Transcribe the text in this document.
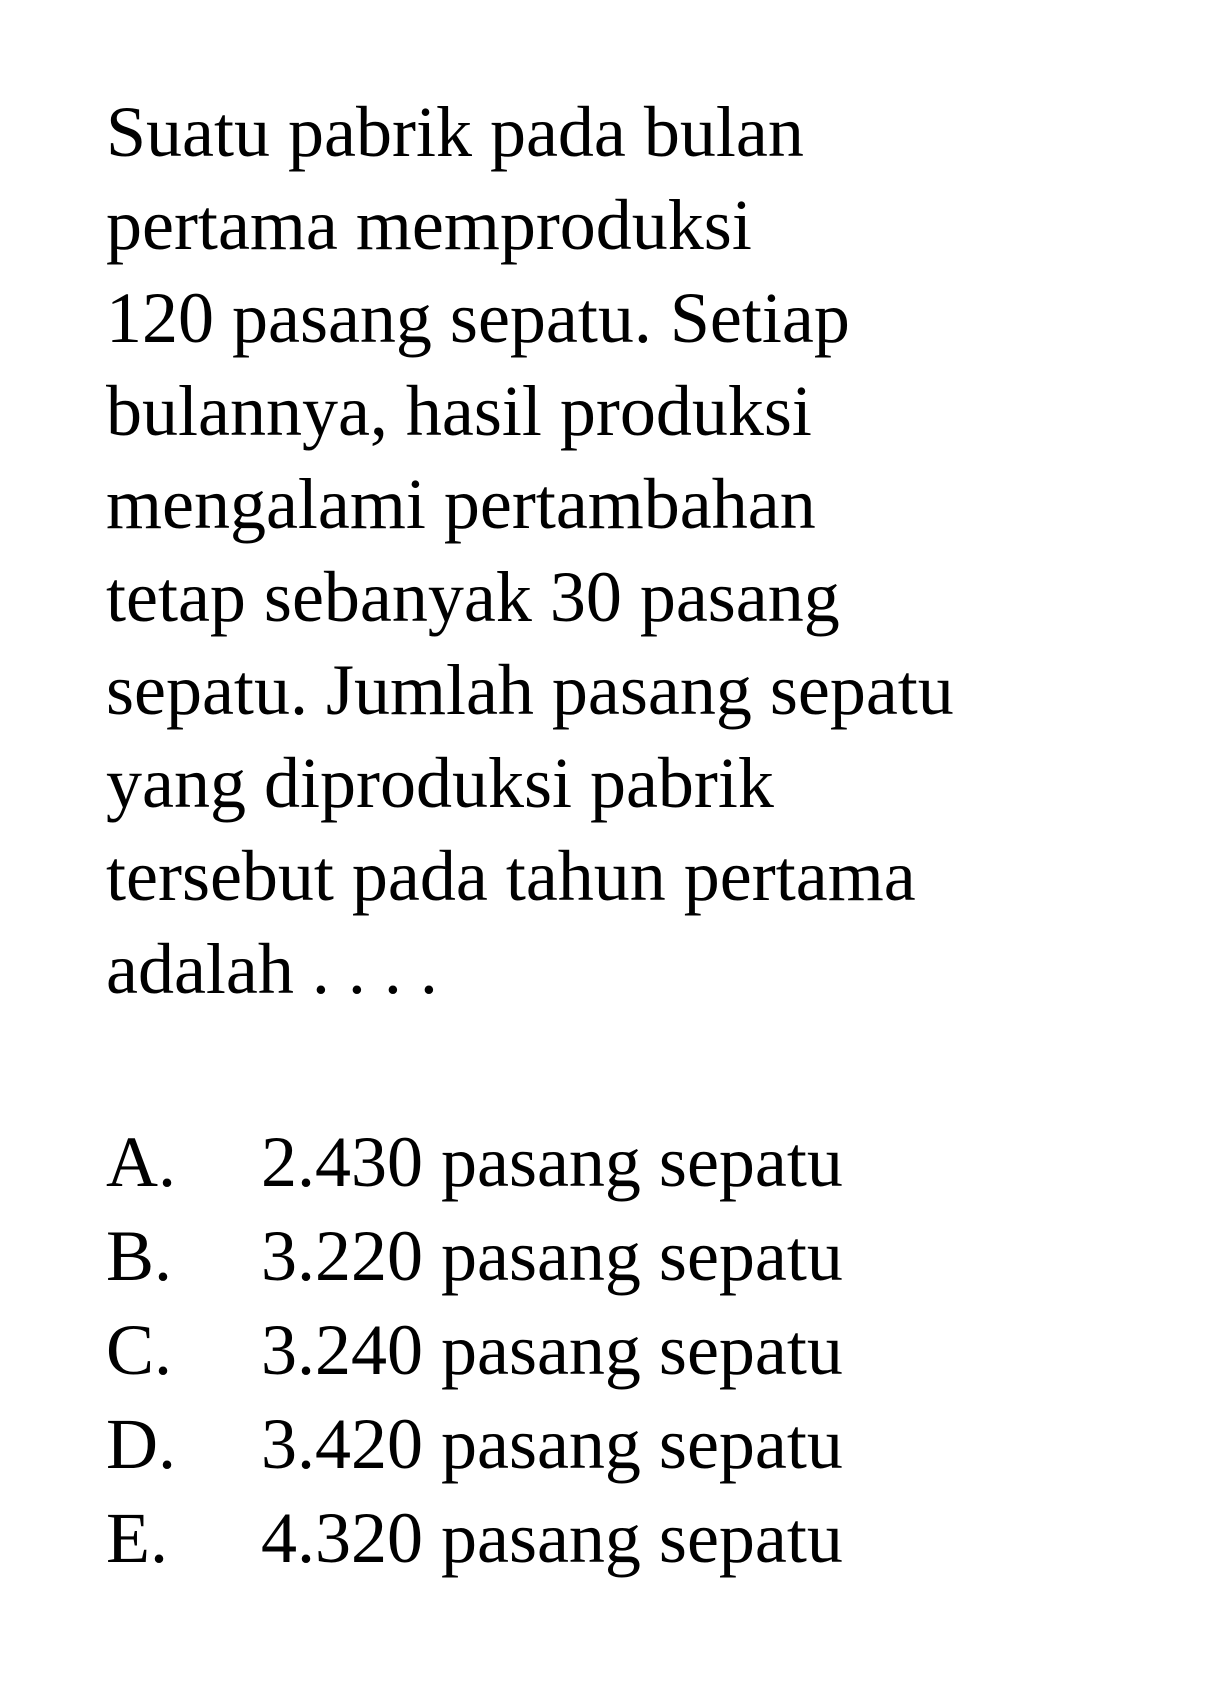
Suatu pabrik pada bulan
pertama memproduksi
120 pasang sepatu. Setiap
bulannya, hasil produksi
mengalami pertambahan
tetap sebanyak 30 pasang
sepatu. Jumlah pasang sepatu
yang diproduksi pabrik
tersebut pada tahun pertama
adalah . . . .
A.	2.430 pasang sepatu
B.	3.220 pasang sepatu
C.	3.240 pasang sepatu
D.	3.420 pasang sepatu
E.	4.320 pasang sepatu
